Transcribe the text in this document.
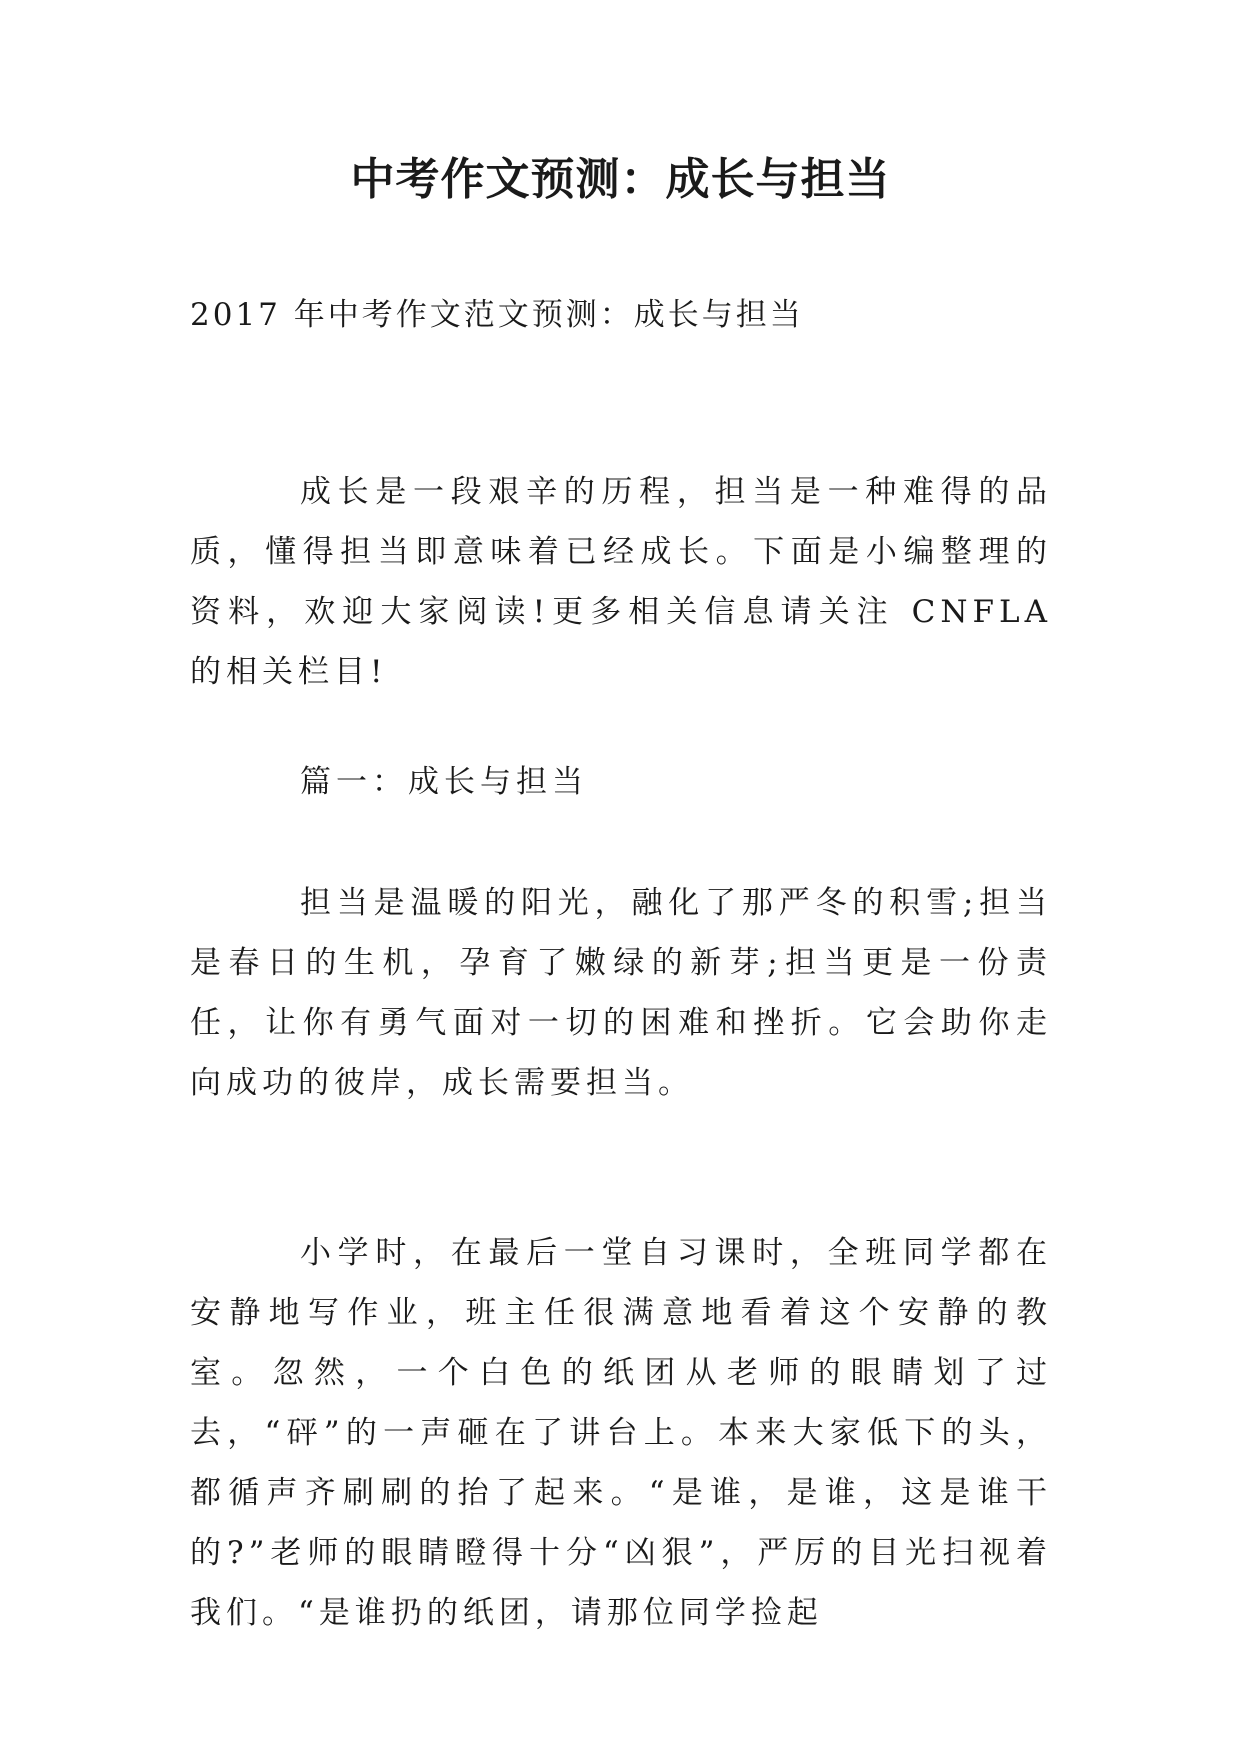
中考作文预测：成长与担当

2017 年中考作文范文预测：成长与担当

成长是一段艰辛的历程，担当是一种难得的品质，懂得担当即意味着已经成长。下面是小编整理的资料，欢迎大家阅读!更多相关信息请关注 CNFLA 的相关栏目!

篇一：成长与担当

担当是温暖的阳光，融化了那严冬的积雪;担当是春日的生机，孕育了嫩绿的新芽;担当更是一份责任，让你有勇气面对一切的困难和挫折。它会助你走向成功的彼岸，成长需要担当。

小学时，在最后一堂自习课时，全班同学都在安静地写作业，班主任很满意地看着这个安静的教室。忽然，一个白色的纸团从老师的眼睛划了过去，“砰”的一声砸在了讲台上。本来大家低下的头，都循声齐刷刷的抬了起来。“是谁，是谁，这是谁干的?”老师的眼睛瞪得十分“凶狠”，严厉的目光扫视着我们。“是谁扔的纸团，请那位同学捡起
